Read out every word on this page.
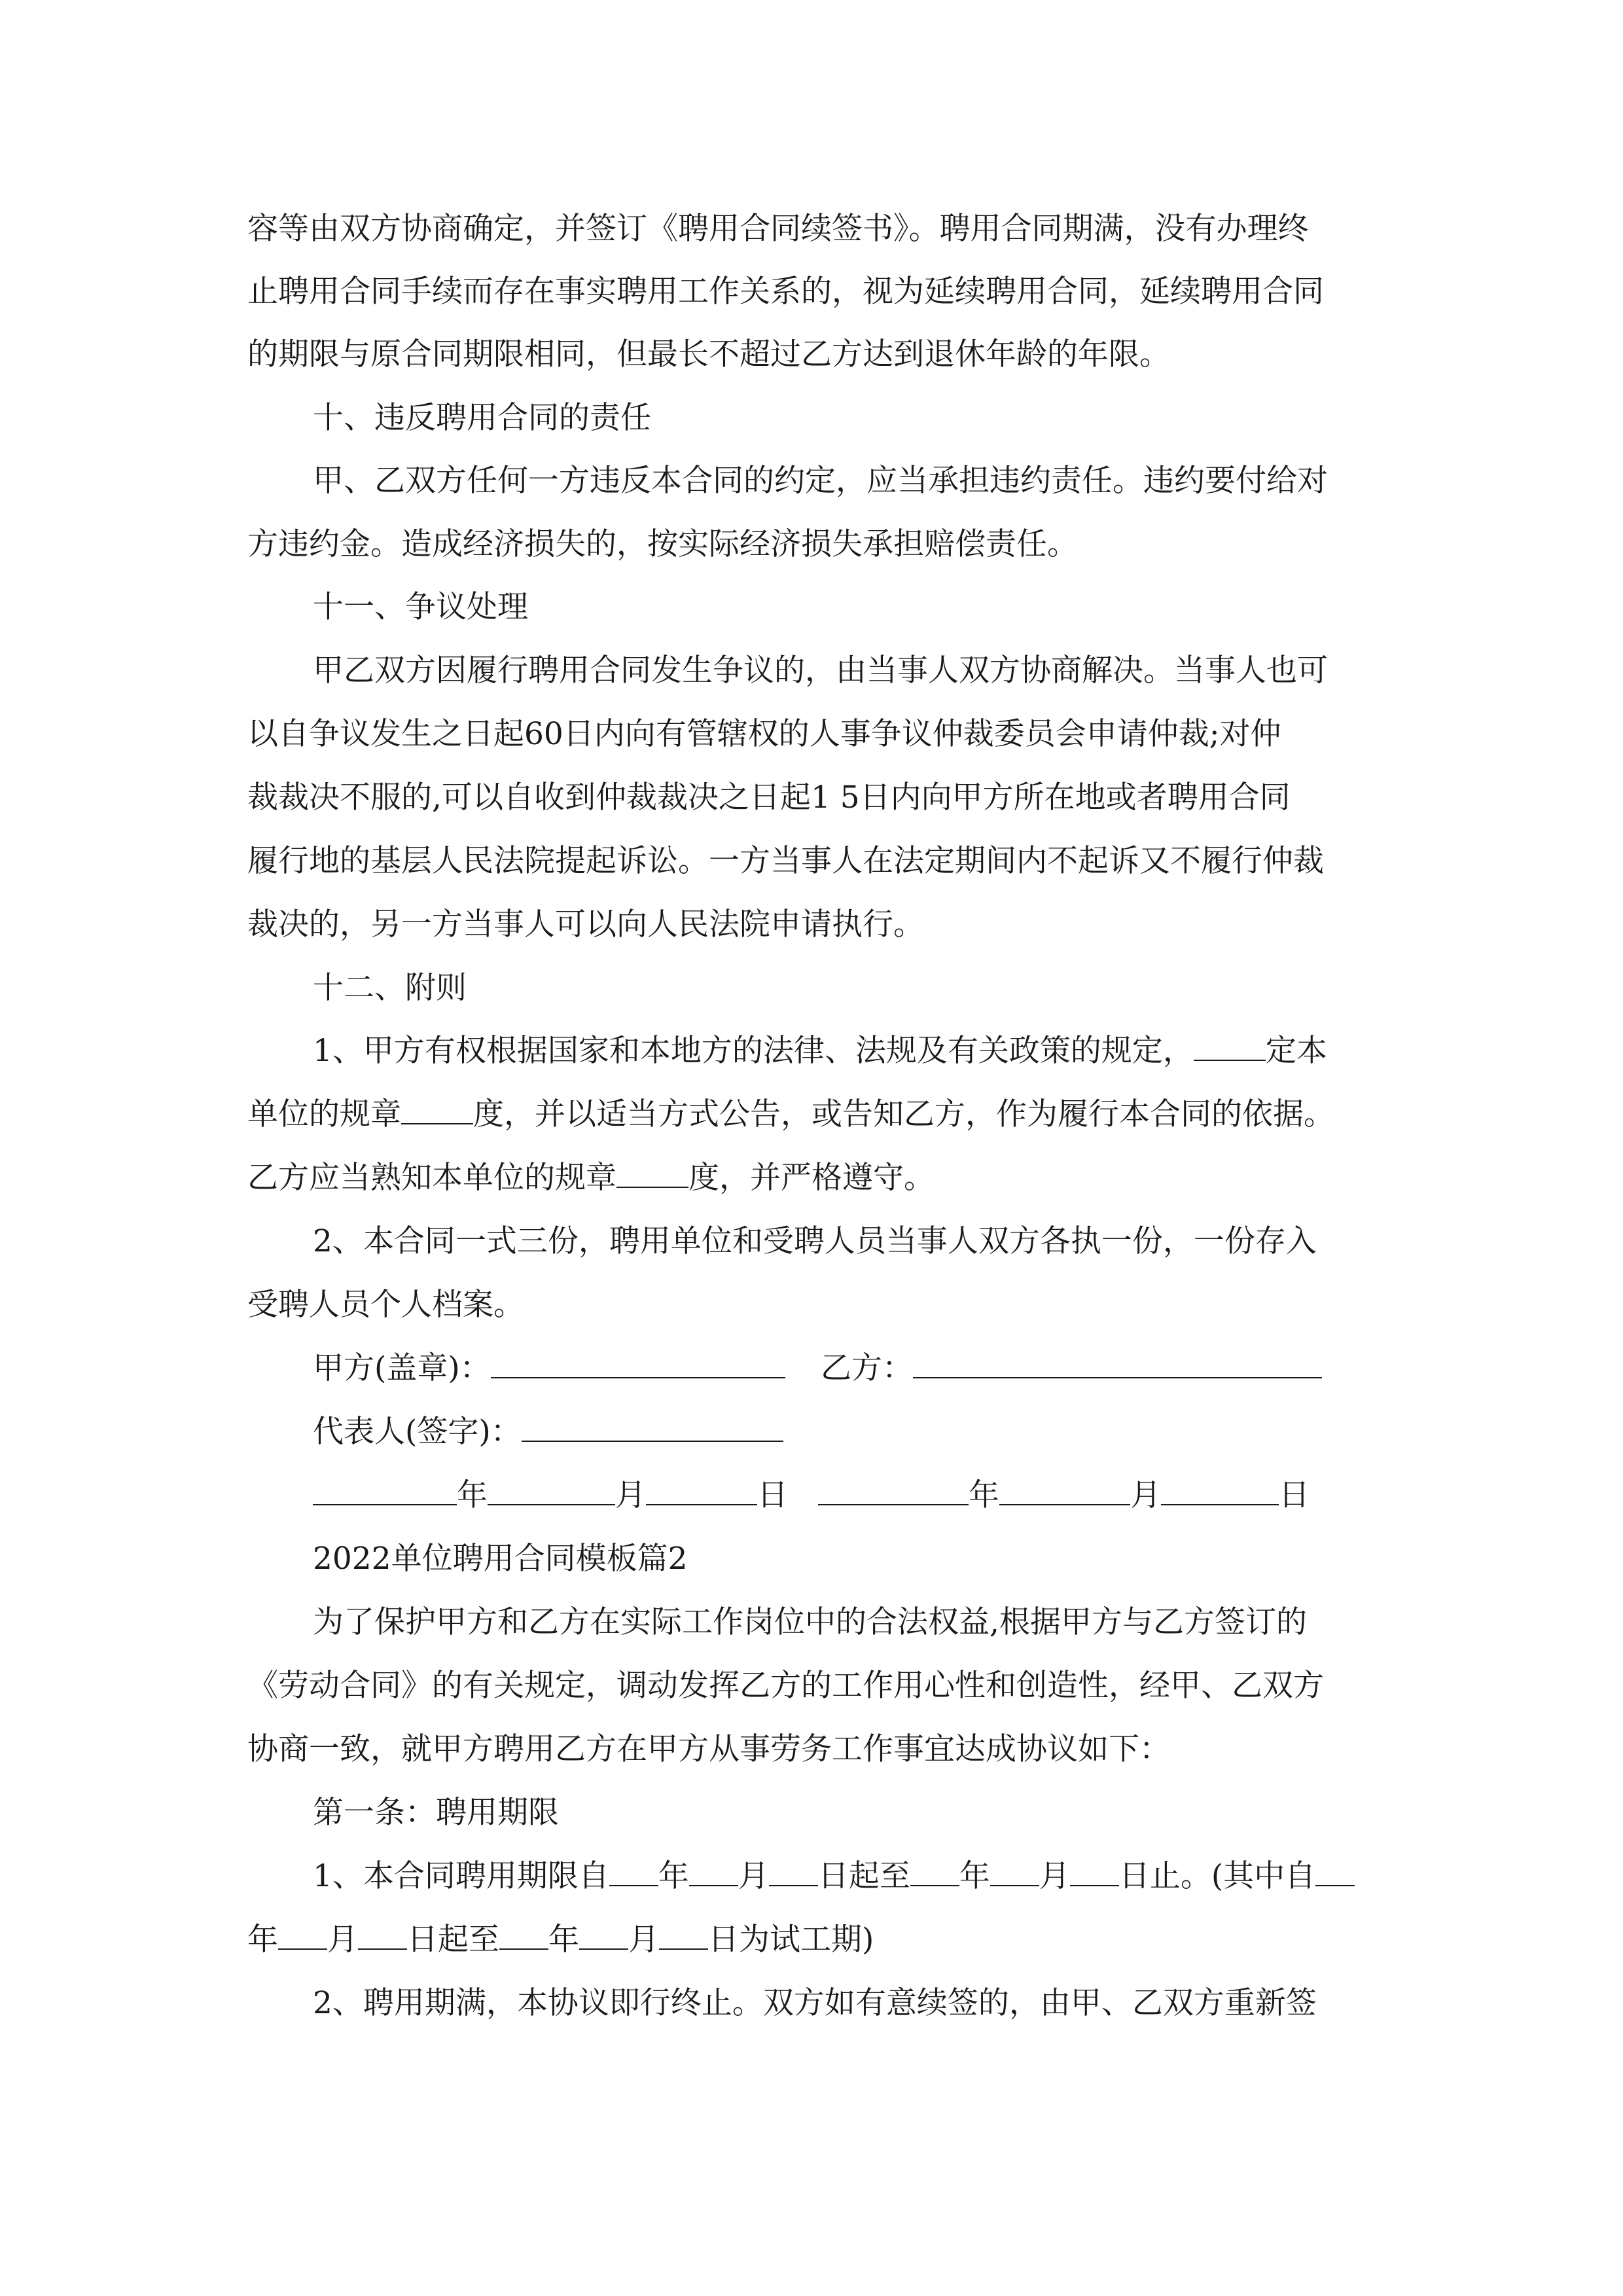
容等由双方协商确定，并签订《聘用合同续签书》。聘用合同期满，没有办理终
止聘用合同手续而存在事实聘用工作关系的，视为延续聘用合同，延续聘用合同
的期限与原合同期限相同，但最长不超过乙方达到退休年龄的年限。
十、违反聘用合同的责任
甲、乙双方任何一方违反本合同的约定，应当承担违约责任。违约要付给对
方违约金。造成经济损失的，按实际经济损失承担赔偿责任。
十一、争议处理
甲乙双方因履行聘用合同发生争议的，由当事人双方协商解决。当事人也可
以自争议发生之日起60日内向有管辖权的人事争议仲裁委员会申请仲裁;对仲
裁裁决不服的,可以自收到仲裁裁决之日起1 5日内向甲方所在地或者聘用合同
履行地的基层人民法院提起诉讼。一方当事人在法定期间内不起诉又不履行仲裁
裁决的，另一方当事人可以向人民法院申请执行。
十二、附则
1、甲方有权根据国家和本地方的法律、法规及有关政策的规定， 定本
单位的规章 度，并以适当方式公告，或告知乙方，作为履行本合同的依据。
乙方应当熟知本单位的规章 度，并严格遵守。
2、本合同一式三份，聘用单位和受聘人员当事人双方各执一份，一份存入
受聘人员个人档案。
甲方(盖章)：	乙方：
代表人(签字)：
年	月	日	年	月	日
2022单位聘用合同模板篇2
为了保护甲方和乙方在实际工作岗位中的合法权益,根据甲方与乙方签订的
《劳动合同》的有关规定，调动发挥乙方的工作用心性和创造性，经甲、乙双方
协商一致，就甲方聘用乙方在甲方从事劳务工作事宜达成协议如下：
第一条：聘用期限
1、本合同聘用期限自 年 月 日起至 年 月 日止。(其中自
年 月 日起至 年 月 日为试工期)
2、聘用期满，本协议即行终止。双方如有意续签的，由甲、乙双方重新签
